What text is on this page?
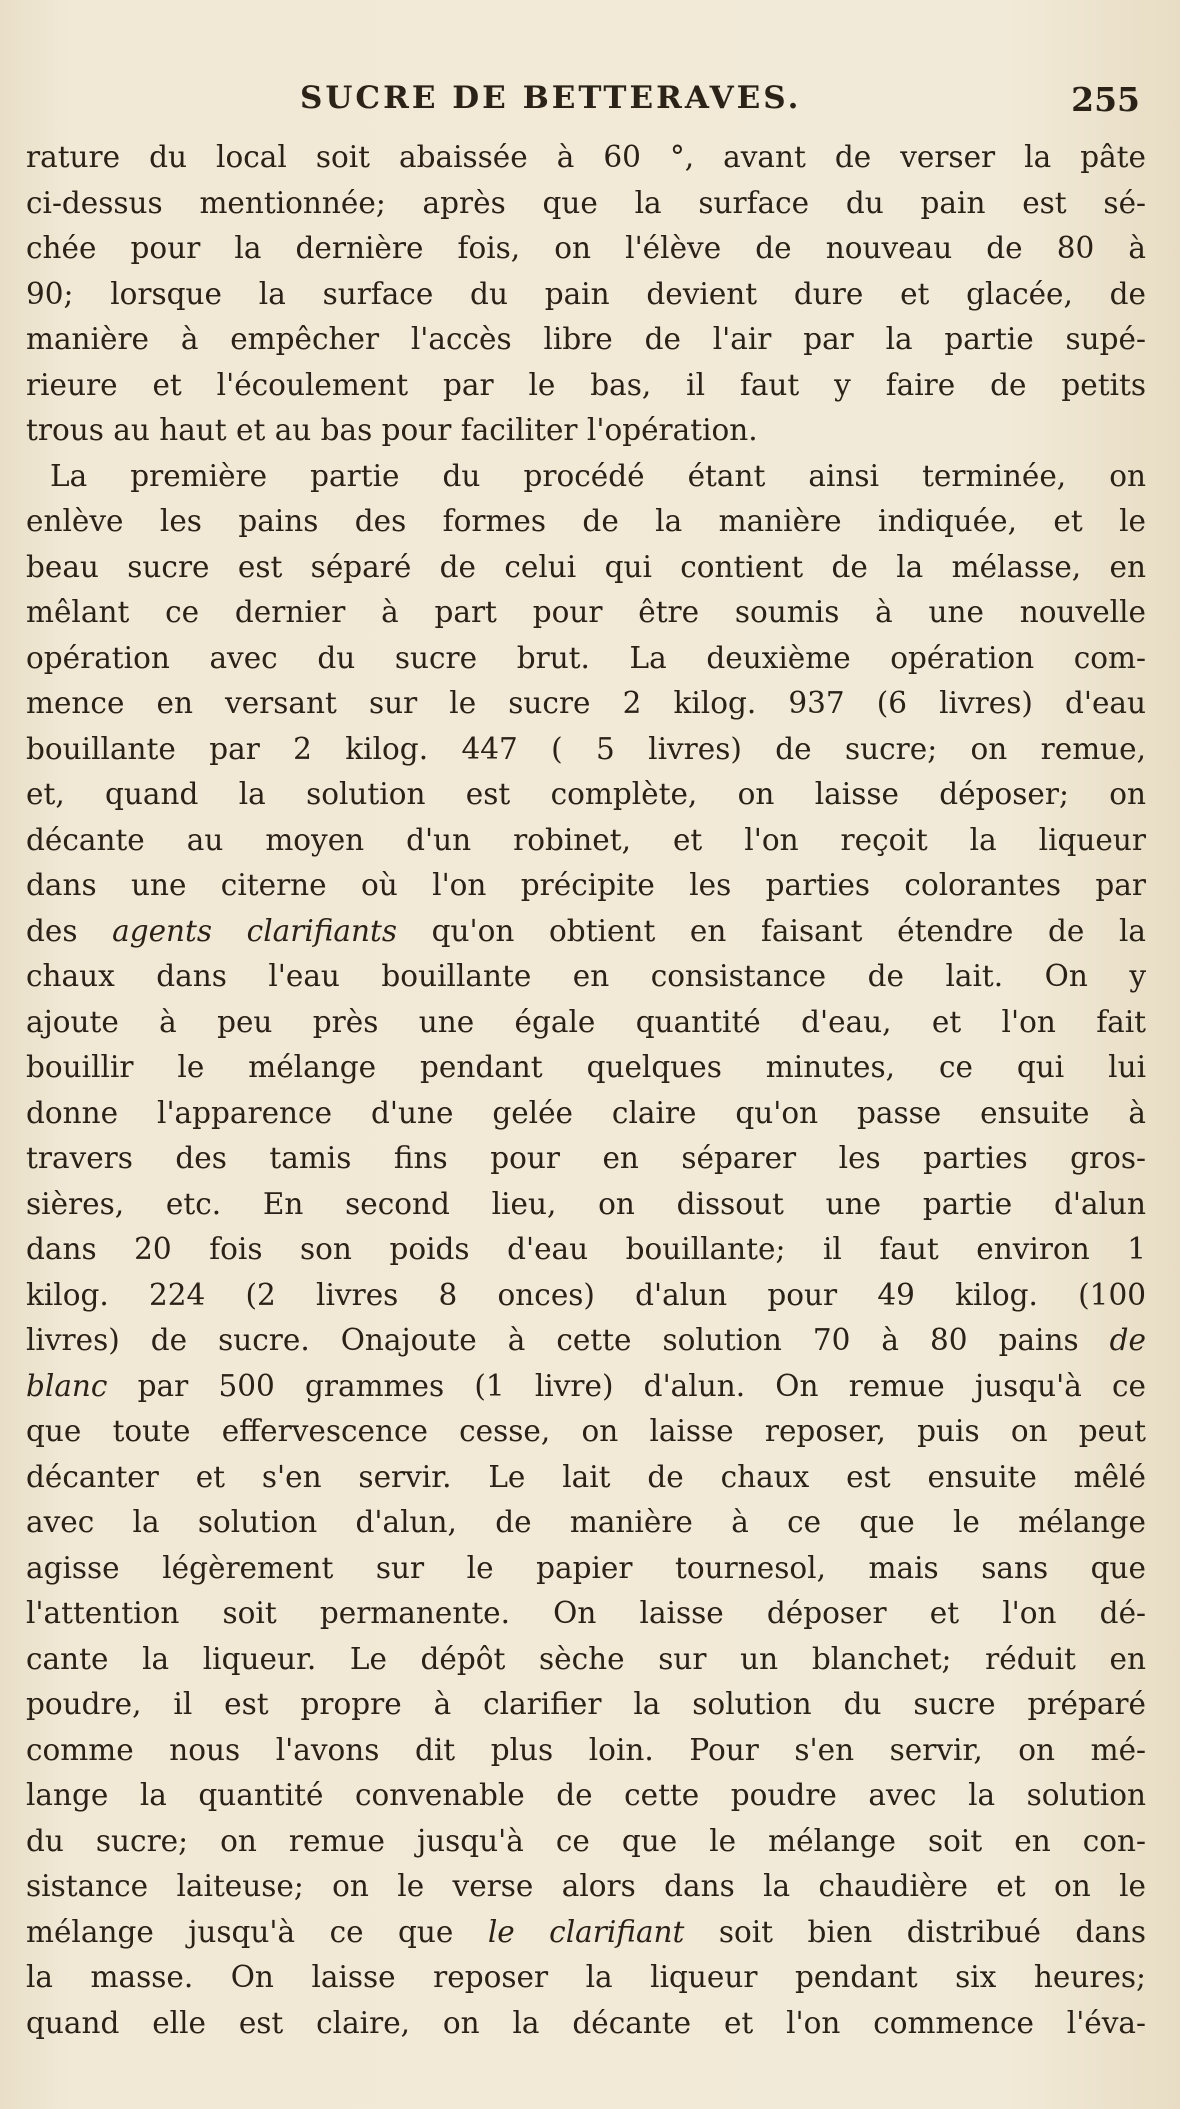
SUCRE DE BETTERAVES.	255
rature du local soit abaissée à 60 °, avant de verser la pâte
ci-dessus mentionnée; après que la surface du pain est sé-
chée pour la dernière fois, on l'élève de nouveau de 80 à
90; lorsque la surface du pain devient dure et glacée, de
manière à empêcher l'accès libre de l'air par la partie supé-
rieure et l'écoulement par le bas, il faut y faire de petits
trous au haut et au bas pour faciliter l'opération.
La première partie du procédé étant ainsi terminée, on
enlève les pains des formes de la manière indiquée, et le
beau sucre est séparé de celui qui contient de la mélasse, en
mêlant ce dernier à part pour être soumis à une nouvelle
opération avec du sucre brut. La deuxième opération com-
mence en versant sur le sucre 2 kilog. 937 (6 livres) d'eau
bouillante par 2 kilog. 447 ( 5 livres) de sucre; on remue,
et, quand la solution est complète, on laisse déposer; on
décante au moyen d'un robinet, et l'on reçoit la liqueur
dans une citerne où l'on précipite les parties colorantes par
des agents clarifiants qu'on obtient en faisant étendre de la
chaux dans l'eau bouillante en consistance de lait. On y
ajoute à peu près une égale quantité d'eau, et l'on fait
bouillir le mélange pendant quelques minutes, ce qui lui
donne l'apparence d'une gelée claire qu'on passe ensuite à
travers des tamis fins pour en séparer les parties gros-
sières, etc. En second lieu, on dissout une partie d'alun
dans 20 fois son poids d'eau bouillante; il faut environ 1
kilog. 224 (2 livres 8 onces) d'alun pour 49 kilog. (100
livres) de sucre. Onajoute à cette solution 70 à 80 pains de
blanc par 500 grammes (1 livre) d'alun. On remue jusqu'à ce
que toute effervescence cesse, on laisse reposer, puis on peut
décanter et s'en servir. Le lait de chaux est ensuite mêlé
avec la solution d'alun, de manière à ce que le mélange
agisse légèrement sur le papier tournesol, mais sans que
l'attention soit permanente. On laisse déposer et l'on dé-
cante la liqueur. Le dépôt sèche sur un blanchet; réduit en
poudre, il est propre à clarifier la solution du sucre préparé
comme nous l'avons dit plus loin. Pour s'en servir, on mé-
lange la quantité convenable de cette poudre avec la solution
du sucre; on remue jusqu'à ce que le mélange soit en con-
sistance laiteuse; on le verse alors dans la chaudière et on le
mélange jusqu'à ce que le clarifiant soit bien distribué dans
la masse. On laisse reposer la liqueur pendant six heures;
quand elle est claire, on la décante et l'on commence l'éva-
